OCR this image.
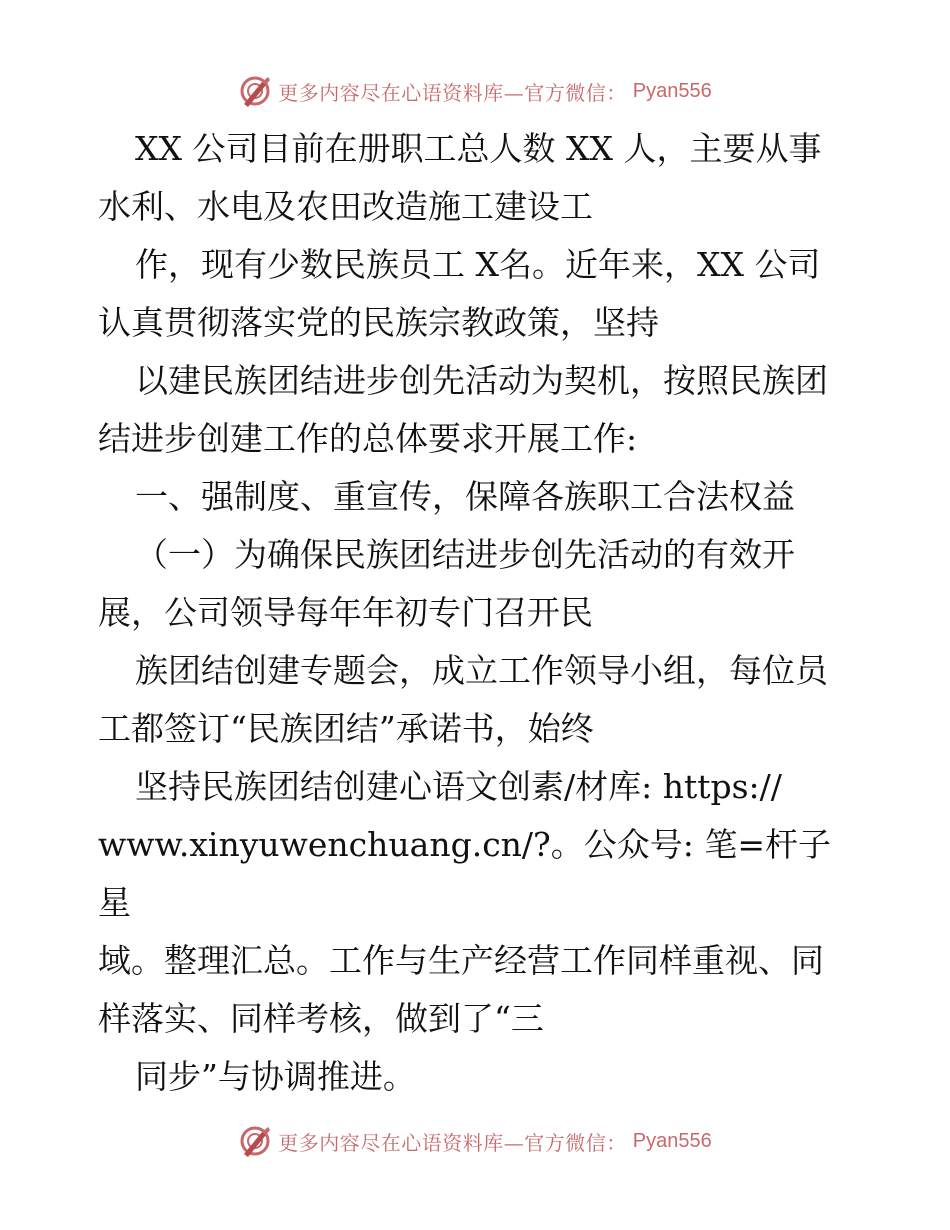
更多内容尽在心语资料库—官方微信： Pyan556

XX 公司目前在册职工总人数 XX 人，主要从事
水利、水电及农田改造施工建设工

作，现有少数民族员工 X名。近年来，XX 公司
认真贯彻落实党的民族宗教政策，坚持

以建民族团结进步创先活动为契机，按照民族团
结进步创建工作的总体要求开展工作:

一、强制度、重宣传，保障各族职工合法权益

（一）为确保民族团结进步创先活动的有效开
展，公司领导每年年初专门召开民

族团结创建专题会，成立工作领导小组，每位员
工都签订“民族团结”承诺书，始终

坚持民族团结创建心语文创素/材库: https://
www.xinyuwenchuang.cn/?。公众号: 笔=杆子星
域。整理汇总。工作与生产经营工作同样重视、同
样落实、同样考核，做到了“三

同步”与协调推进。

更多内容尽在心语资料库—官方微信： Pyan556
